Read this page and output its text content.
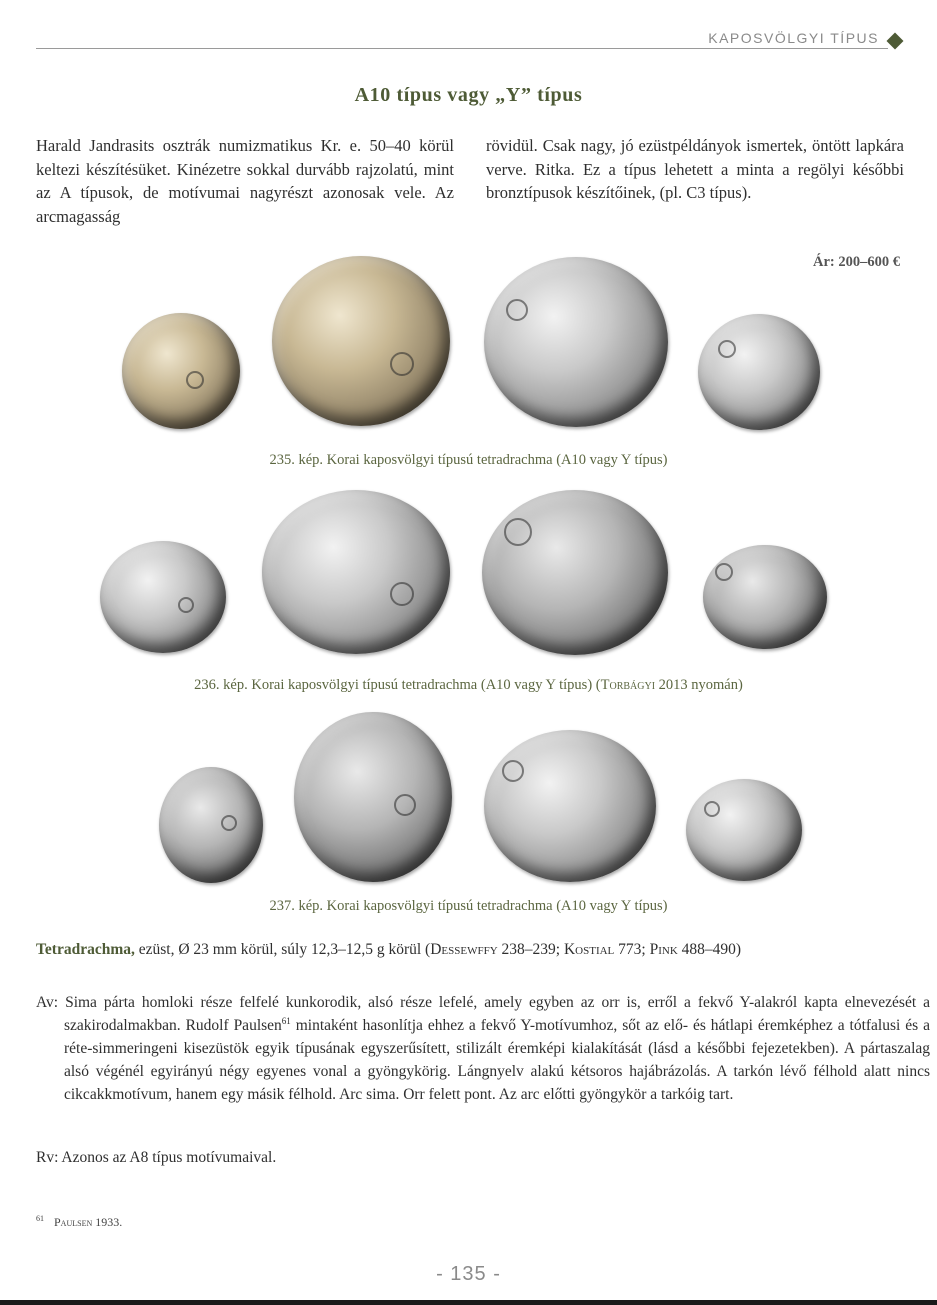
KAPOSVÖLGYI TÍPUS
A10 típus vagy „Y” típus
Harald Jandrasits osztrák numizmatikus Kr. e. 50–40 körül keltezi készítésüket. Kinézetre sokkal durvább rajzolatú, mint az A típusok, de motívumai nagyrészt azonosak vele. Az arcmagasság
rövidül. Csak nagy, jó ezüstpéldányok ismertek, öntött lapkára verve. Ritka. Ez a típus lehetett a minta a regölyi későbbi bronztípusok készítőinek, (pl. C3 típus).
Ár: 200–600 €
235. kép. Korai kaposvölgyi típusú tetradrachma (A10 vagy Y típus)
236. kép. Korai kaposvölgyi típusú tetradrachma (A10 vagy Y típus) (Torbágyi 2013 nyomán)
237. kép. Korai kaposvölgyi típusú tetradrachma (A10 vagy Y típus)
Tetradrachma, ezüst, Ø 23 mm körül, súly 12,3–12,5 g körül (Dessewffy 238–239; Kostial 773; Pink 488–490)
Av: Sima párta homloki része felfelé kunkorodik, alsó része lefelé, amely egyben az orr is, erről a fekvő Y-alakról kapta elnevezését a szakirodalmakban. Rudolf Paulsen$^{61}$ mintaként hasonlítja ehhez a fekvő Y-motívumhoz, sőt az elő- és hátlapi éremképhez a tótfalusi és a réte-simmeringeni kisezüstök egyik típusának egyszerűsített, stilizált éremképi kialakítását (lásd a későbbi fejezetekben). A pártaszalag alsó végénél egyirányú négy egyenes vonal a gyöngykörig. Lángnyelv alakú kétsoros hajábrázolás. A tarkón lévő félhold alatt nincs cikcakkmotívum, hanem egy másik félhold. Arc sima. Orr felett pont. Az arc előtti gyöngykör a tarkóig tart.
Rv: Azonos az A8 típus motívumaival.
$^{61}$ Paulsen 1933.
- 135 -
